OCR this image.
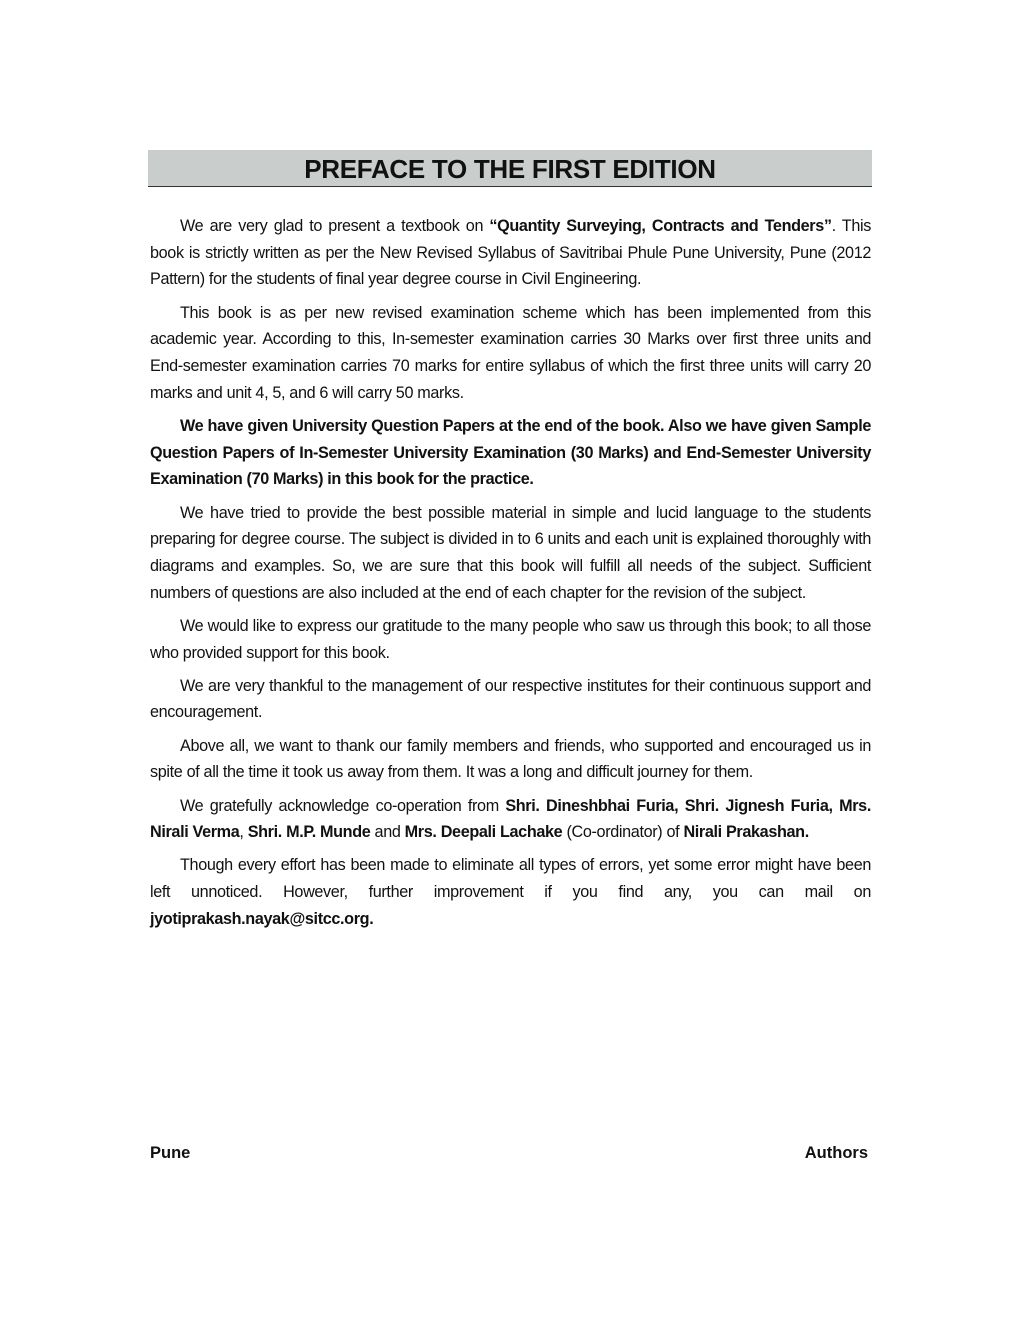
PREFACE TO THE FIRST EDITION

We are very glad to present a textbook on “Quantity Surveying, Contracts and Tenders”. This book is strictly written as per the New Revised Syllabus of Savitribai Phule Pune University, Pune (2012 Pattern) for the students of final year degree course in Civil Engineering.

This book is as per new revised examination scheme which has been implemented from this academic year. According to this, In-semester examination carries 30 Marks over first three units and End-semester examination carries 70 marks for entire syllabus of which the first three units will carry 20 marks and unit 4, 5, and 6 will carry 50 marks.

We have given University Question Papers at the end of the book. Also we have given Sample Question Papers of In-Semester University Examination (30 Marks) and End-Semester University Examination (70 Marks) in this book for the practice.

We have tried to provide the best possible material in simple and lucid language to the students preparing for degree course. The subject is divided in to 6 units and each unit is explained thoroughly with diagrams and examples. So, we are sure that this book will fulfill all needs of the subject. Sufficient numbers of questions are also included at the end of each chapter for the revision of the subject.

We would like to express our gratitude to the many people who saw us through this book; to all those who provided support for this book.

We are very thankful to the management of our respective institutes for their continuous support and encouragement.

Above all, we want to thank our family members and friends, who supported and encouraged us in spite of all the time it took us away from them. It was a long and difficult journey for them.

We gratefully acknowledge co-operation from Shri. Dineshbhai Furia, Shri. Jignesh Furia, Mrs. Nirali Verma, Shri. M.P. Munde and Mrs. Deepali Lachake (Co-ordinator) of Nirali Prakashan.

Though every effort has been made to eliminate all types of errors, yet some error might have been left unnoticed. However, further improvement if you find any, you can mail on jyotiprakash.nayak@sitcc.org.

Pune	Authors
